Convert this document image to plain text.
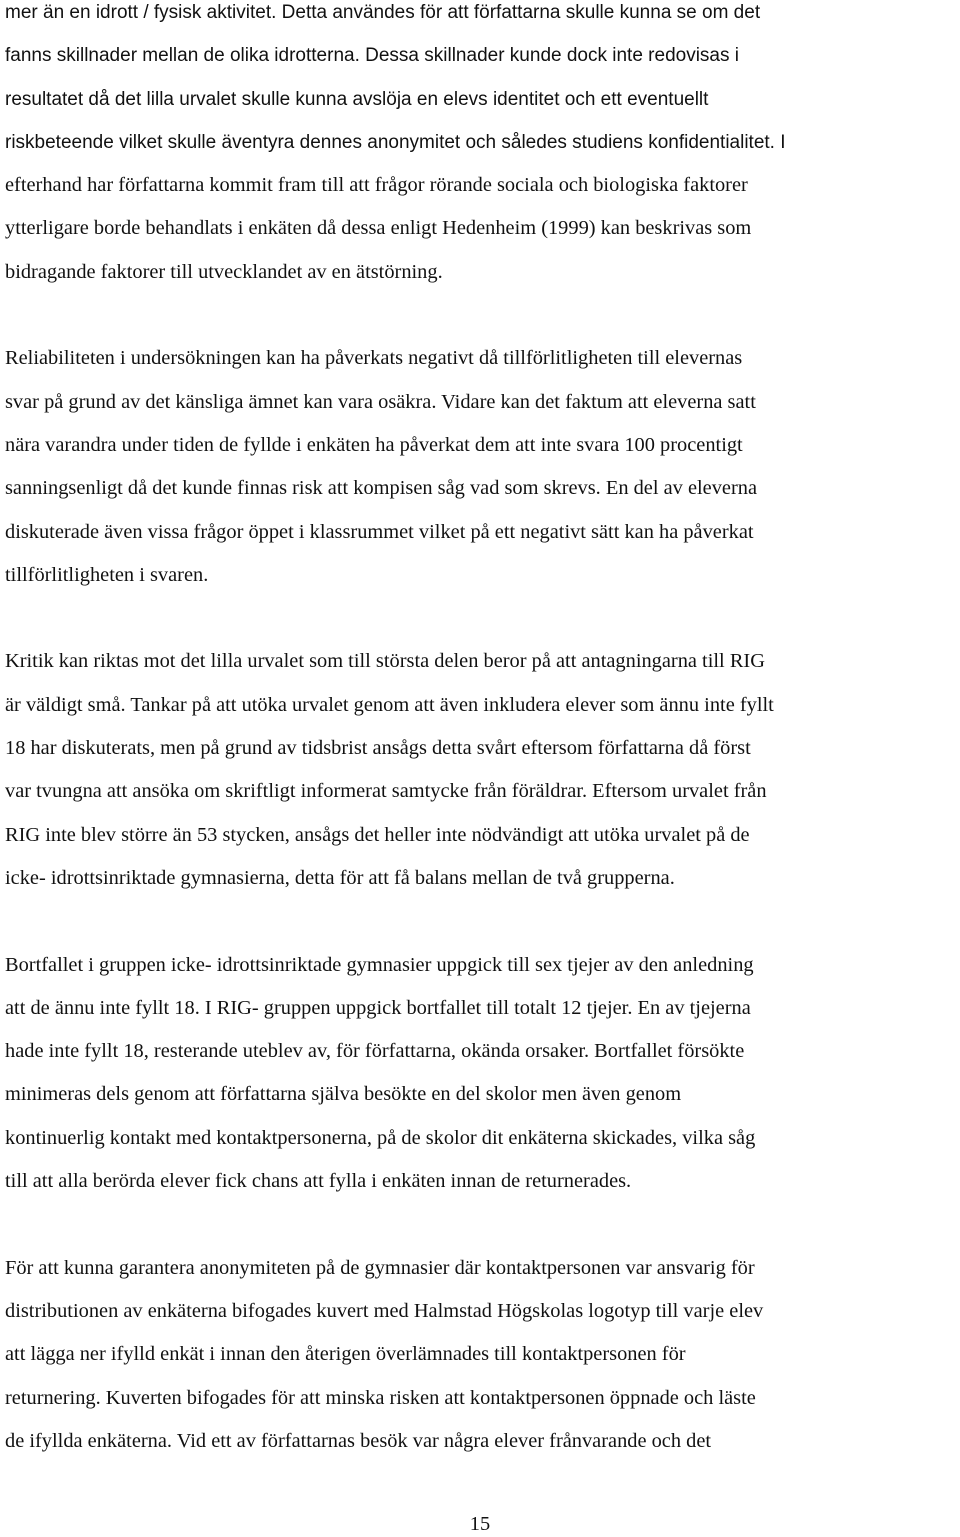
mer än en idrott / fysisk aktivitet. Detta användes för att författarna skulle kunna se om det
fanns skillnader mellan de olika idrotterna. Dessa skillnader kunde dock inte redovisas i
resultatet då det lilla urvalet skulle kunna avslöja en elevs identitet och ett eventuellt
riskbeteende vilket skulle äventyra dennes anonymitet och således studiens konfidentialitet. I
efterhand har författarna kommit fram till att frågor rörande sociala och biologiska faktorer
ytterligare borde behandlats i enkäten då dessa enligt Hedenheim (1999) kan beskrivas som
bidragande faktorer till utvecklandet av en ätstörning.
Reliabiliteten i undersökningen kan ha påverkats negativt då tillförlitligheten till elevernas
svar på grund av det känsliga ämnet kan vara osäkra. Vidare kan det faktum att eleverna satt
nära varandra under tiden de fyllde i enkäten ha påverkat dem att inte svara 100 procentigt
sanningsenligt då det kunde finnas risk att kompisen såg vad som skrevs. En del av eleverna
diskuterade även vissa frågor öppet i klassrummet vilket på ett negativt sätt kan ha påverkat
tillförlitligheten i svaren.
Kritik kan riktas mot det lilla urvalet som till största delen beror på att antagningarna till RIG
är väldigt små. Tankar på att utöka urvalet genom att även inkludera elever som ännu inte fyllt
18 har diskuterats, men på grund av tidsbrist ansågs detta svårt eftersom författarna då först
var tvungna att ansöka om skriftligt informerat samtycke från föräldrar. Eftersom urvalet från
RIG inte blev större än 53 stycken, ansågs det heller inte nödvändigt att utöka urvalet på de
icke- idrottsinriktade gymnasierna, detta för att få balans mellan de två grupperna.
Bortfallet i gruppen icke- idrottsinriktade gymnasier uppgick till sex tjejer av den anledning
att de ännu inte fyllt 18. I RIG- gruppen uppgick bortfallet till totalt 12 tjejer. En av tjejerna
hade inte fyllt 18, resterande uteblev av, för författarna, okända orsaker. Bortfallet försökte
minimeras dels genom att författarna själva besökte en del skolor men även genom
kontinuerlig kontakt med kontaktpersonerna, på de skolor dit enkäterna skickades, vilka såg
till att alla berörda elever fick chans att fylla i enkäten innan de returnerades.
För att kunna garantera anonymiteten på de gymnasier där kontaktpersonen var ansvarig för
distributionen av enkäterna bifogades kuvert med Halmstad Högskolas logotyp till varje elev
att lägga ner ifylld enkät i innan den återigen överlämnades till kontaktpersonen för
returnering. Kuverten bifogades för att minska risken att kontaktpersonen öppnade och läste
de ifyllda enkäterna. Vid ett av författarnas besök var några elever frånvarande och det
15
